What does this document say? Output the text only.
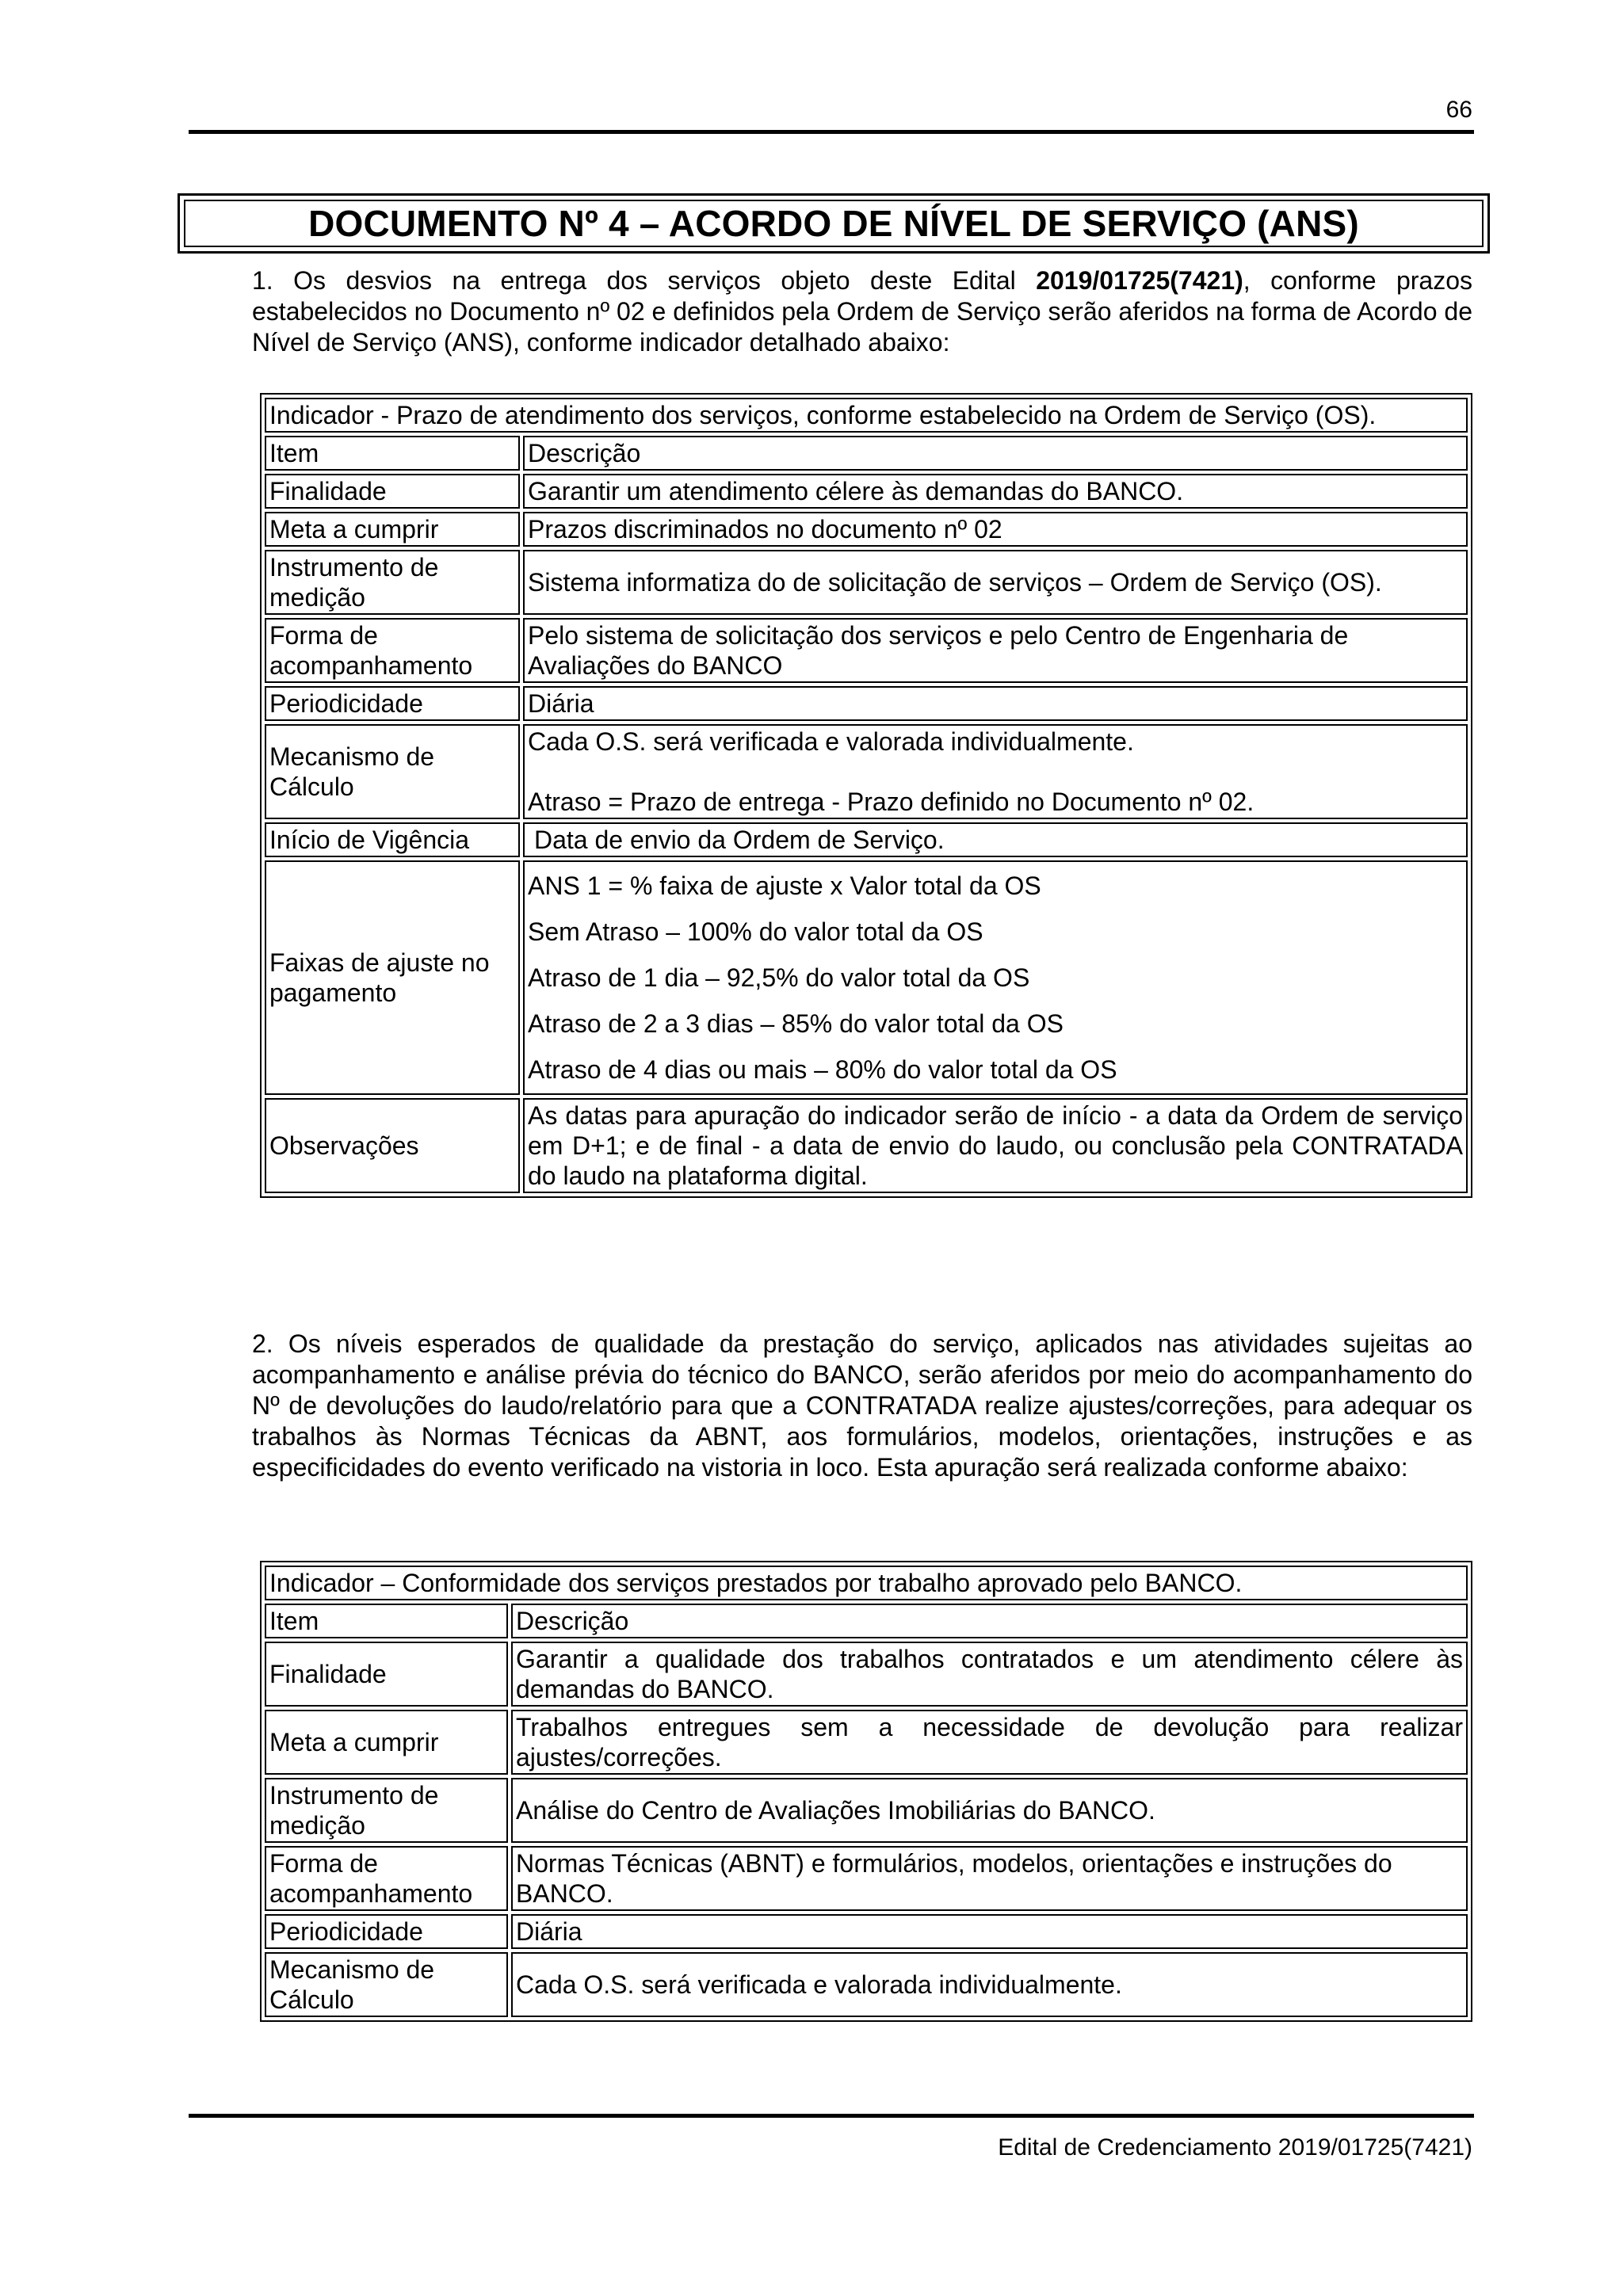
66
DOCUMENTO Nº 4 – ACORDO DE NÍVEL DE SERVIÇO (ANS)

1. Os desvios na entrega dos serviços objeto deste Edital 2019/01725(7421), conforme prazos estabelecidos no Documento nº 02 e definidos pela Ordem de Serviço serão aferidos na forma de Acordo de Nível de Serviço (ANS), conforme indicador detalhado abaixo:

Indicador - Prazo de atendimento dos serviços, conforme estabelecido na Ordem de Serviço (OS).	
Item	Descrição
Finalidade	Garantir um atendimento célere às demandas do BANCO.
Meta a cumprir	Prazos discriminados no documento nº 02
Instrumento de medição	Sistema informatiza do de solicitação de serviços – Ordem de Serviço (OS).
Forma de acompanhamento	Pelo sistema de solicitação dos serviços e pelo Centro de Engenharia de Avaliações do BANCO
Periodicidade	Diária
Mecanismo de Cálculo	Cada O.S. será verificada e valorada individualmente.
Atraso = Prazo de entrega - Prazo definido no Documento nº 02.

Início de Vigência	Data de envio da Ordem de Serviço.
Faixas de ajuste no pagamento	ANS 1 = % faixa de ajuste x Valor total da OS
Sem Atraso – 100% do valor total da OS
Atraso de 1 dia – 92,5% do valor total da OS
Atraso de 2 a 3 dias – 85% do valor total da OS
Atraso de 4 dias ou mais – 80% do valor total da OS

Observações	As datas para apuração do indicador serão de início - a data da Ordem de serviço em D+1; e de final - a data de envio do laudo, ou conclusão pela CONTRATADA do laudo na plataforma digital.

2. Os níveis esperados de qualidade da prestação do serviço, aplicados nas atividades sujeitas ao acompanhamento e análise prévia do técnico do BANCO, serão aferidos por meio do acompanhamento do Nº de devoluções do laudo/relatório para que a CONTRATADA realize ajustes/correções, para adequar os trabalhos às Normas Técnicas da ABNT, aos formulários, modelos, orientações, instruções e as especificidades do evento verificado na vistoria in loco. Esta apuração será realizada conforme abaixo:

Indicador – Conformidade dos serviços prestados por trabalho aprovado pelo BANCO.	
Item	Descrição
Finalidade	Garantir a qualidade dos trabalhos contratados e um atendimento célere às demandas do BANCO.
Meta a cumprir	Trabalhos entregues sem a necessidade de devolução para realizar ajustes/correções.
Instrumento de medição	Análise do Centro de Avaliações Imobiliárias do BANCO.
Forma de acompanhamento	Normas Técnicas (ABNT) e formulários, modelos, orientações e instruções do BANCO.
Periodicidade	Diária
Mecanismo de Cálculo	Cada O.S. será verificada e valorada individualmente.
Edital de Credenciamento 2019/01725(7421)
